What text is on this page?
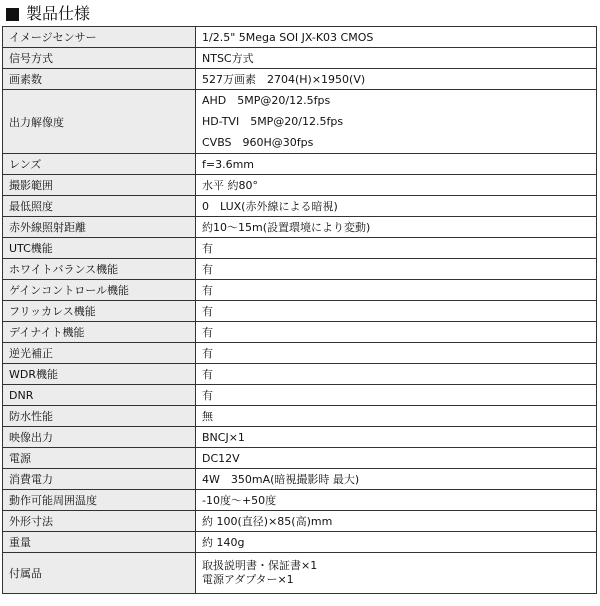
製品仕様
イメージセンサー	1/2.5" 5Mega SOI JX-K03 CMOS
信号方式	NTSC方式
画素数	527万画素　2704(H)×1950(V)
出力解像度	AHD　5MP@20/12.5fps
HD-TVI　5MP@20/12.5fps
CVBS　960H@30fps

レンズ	f=3.6mm
撮影範囲	水平 約80°
最低照度	0　LUX(赤外線による暗視)
赤外線照射距離	約10〜15m(設置環境により変動)
UTC機能	有
ホワイトバランス機能	有
ゲインコントロール機能	有
フリッカレス機能	有
デイナイト機能	有
逆光補正	有
WDR機能	有
DNR	有
防水性能	無
映像出力	BNCJ×1
電源	DC12V
消費電力	4W　350mA(暗視撮影時 最大)
動作可能周囲温度	-10度〜+50度
外形寸法	約 100(直径)×85(高)mm
重量	約 140g
付属品	取扱説明書・保証書×1
電源アダプター×1
